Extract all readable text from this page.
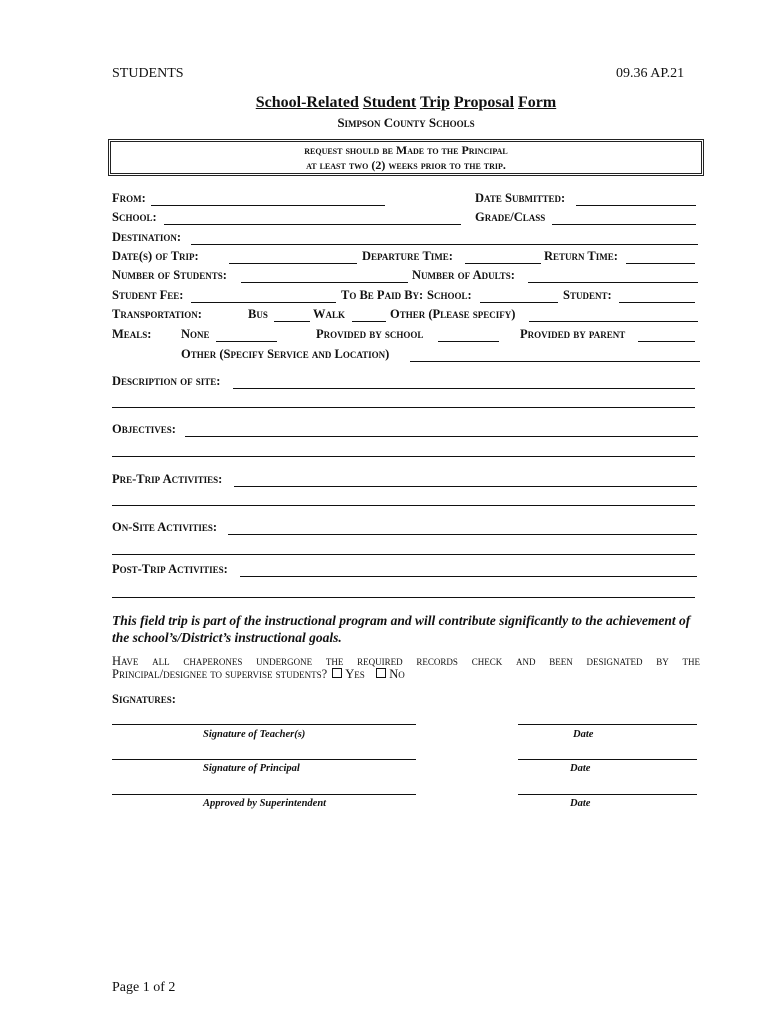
STUDENTS	09.36 AP.21
School-Related Student Trip Proposal Form
Simpson County Schools
request should be Made to the Principal
at least two (2) weeks prior to the trip.
From:	Date Submitted:
School:	Grade/Class
Destination:
Date(s) of Trip:	Departure Time:	Return Time:
Number of Students:	Number of Adults:
Student Fee:	To Be Paid By: School:	Student:
Transportation:	Bus	Walk	Other (Please specify)
Meals: None	Provided by school	Provided by parent
Other (Specify Service and Location)
Description of site:
Objectives:
Pre-Trip Activities:
On-Site Activities:
Post-Trip Activities:
This field trip is part of the instructional program and will contribute significantly to the achievement of the school’s/District’s instructional goals.
Have all chaperones undergone the required records check and been designated by the
Principal/designee to supervise students? Yes No
Signatures:
Signature of Teacher(s)	Date
Signature of Principal	Date
Approved by Superintendent	Date
Page 1 of 2
